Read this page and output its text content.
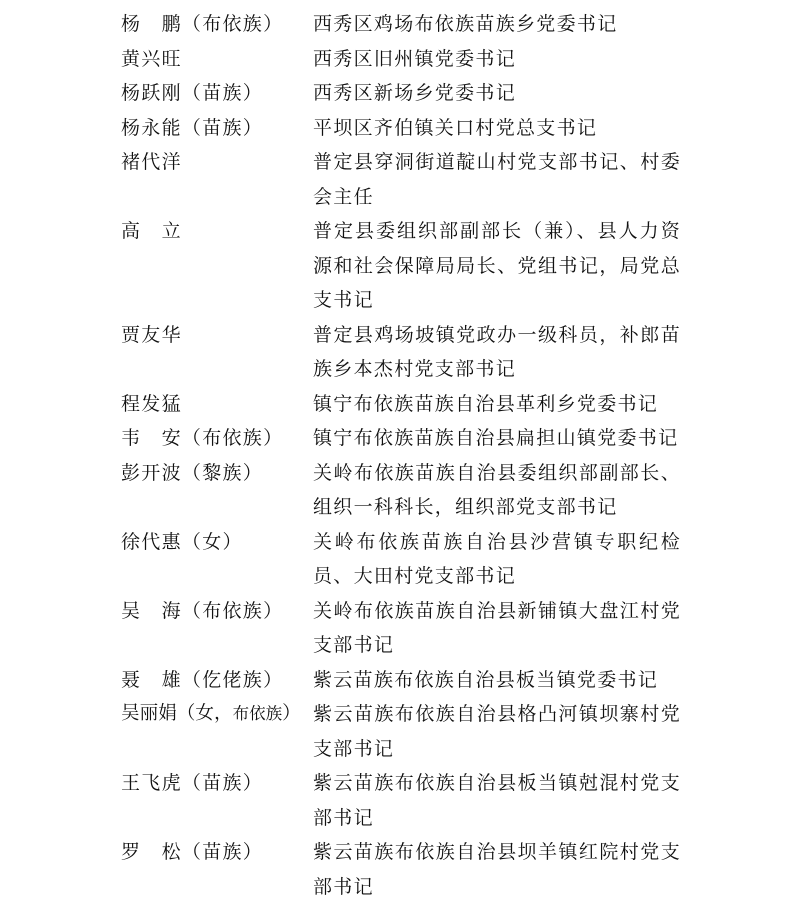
杨　鹏（布依族） 西秀区鸡场布依族苗族乡党委书记
黄兴旺	西秀区旧州镇党委书记
杨跃刚（苗族）	西秀区新场乡党委书记
杨永能（苗族）	平坝区齐伯镇关口村党总支书记
褚代洋	普定县穿洞街道靛山村党支部书记、村委会主任
高　立	普定县委组织部副部长（兼）、县人力资源和社会保障局局长、党组书记，局党总支书记
贾友华	普定县鸡场坡镇党政办一级科员，补郎苗族乡本杰村党支部书记
程发猛	镇宁布依族苗族自治县革利乡党委书记
韦　安（布依族） 镇宁布依族苗族自治县扁担山镇党委书记
彭开波（黎族）	关岭布依族苗族自治县委组织部副部长、组织一科科长，组织部党支部书记
徐代惠（女）	关岭布依族苗族自治县沙营镇专职纪检员、大田村党支部书记
吴　海（布依族） 关岭布依族苗族自治县新铺镇大盘江村党支部书记
聂　雄（仡佬族） 紫云苗族布依族自治县板当镇党委书记
吴丽娟（女，布依族） 紫云苗族布依族自治县格凸河镇坝寨村党支部书记
王飞虎（苗族）	紫云苗族布依族自治县板当镇尅混村党支部书记
罗　松（苗族）	紫云苗族布依族自治县坝羊镇红院村党支部书记
